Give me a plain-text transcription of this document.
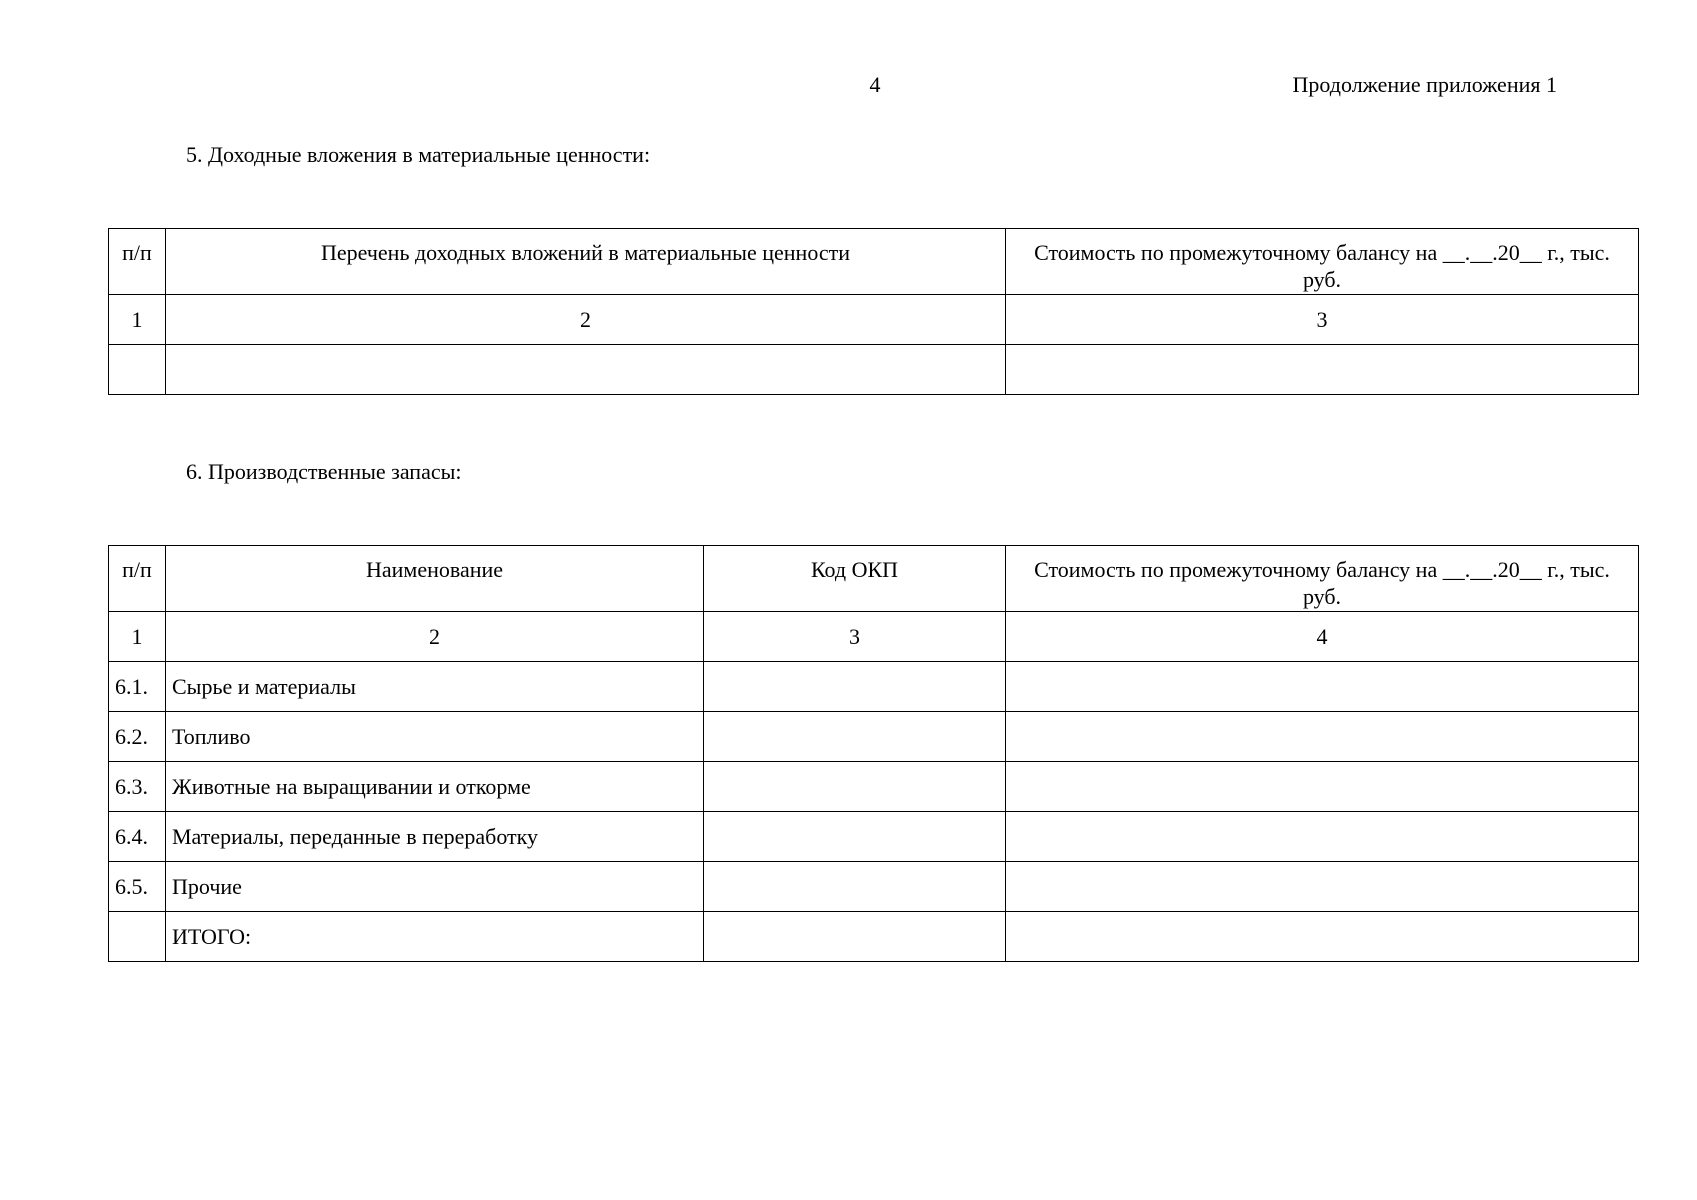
4	Продолжение приложения 1
5. Доходные вложения в материальные ценности:
п/п	Перечень доходных вложений в материальные ценности	Стоимость по промежуточному балансу на __.__.20__ г., тыс. руб.
1	2	3

6. Производственные запасы:
п/п	Наименование	Код ОКП	Стоимость по промежуточному балансу на __.__.20__ г., тыс. руб.
1	2	3	4
6.1.	Сырье и материалы		
6.2.	Топливо		
6.3.	Животные на выращивании и откорме		
6.4.	Материалы, переданные в переработку		
6.5.	Прочие		
	ИТОГО:		
